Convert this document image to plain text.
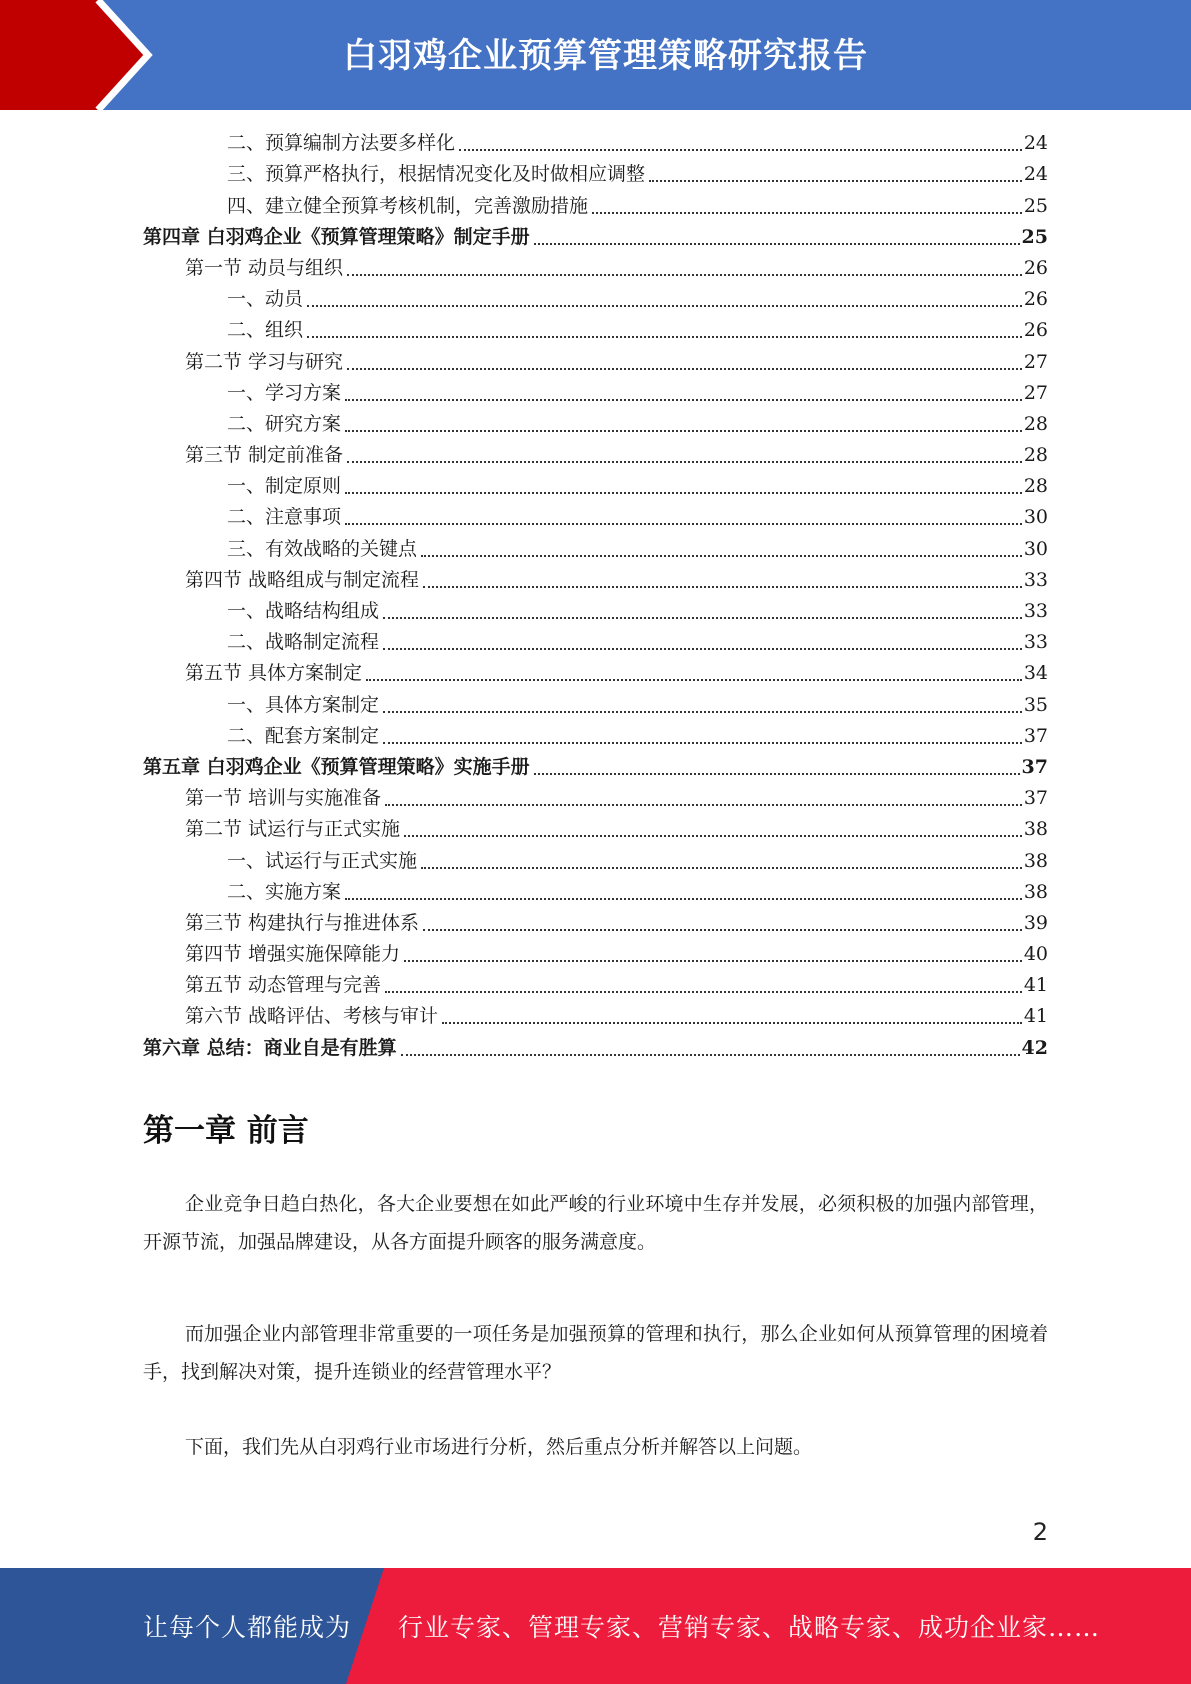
白羽鸡企业预算管理策略研究报告
二、预算编制方法要多样化	24
三、预算严格执行，根据情况变化及时做相应调整	24
四、建立健全预算考核机制，完善激励措施	25
第四章 白羽鸡企业《预算管理策略》制定手册	25
第一节 动员与组织	26
一、动员	26
二、组织	26
第二节 学习与研究	27
一、学习方案	27
二、研究方案	28
第三节 制定前准备	28
一、制定原则	28
二、注意事项	30
三、有效战略的关键点	30
第四节 战略组成与制定流程	33
一、战略结构组成	33
二、战略制定流程	33
第五节 具体方案制定	34
一、具体方案制定	35
二、配套方案制定	37
第五章 白羽鸡企业《预算管理策略》实施手册	37
第一节 培训与实施准备	37
第二节 试运行与正式实施	38
一、试运行与正式实施	38
二、实施方案	38
第三节 构建执行与推进体系	39
第四节 增强实施保障能力	40
第五节 动态管理与完善	41
第六节 战略评估、考核与审计	41
第六章 总结：商业自是有胜算	42
第一章 前言

企业竞争日趋白热化，各大企业要想在如此严峻的行业环境中生存并发展，必须积极的加强内部管理，开源节流，加强品牌建设，从各方面提升顾客的服务满意度。

而加强企业内部管理非常重要的一项任务是加强预算的管理和执行，那么企业如何从预算管理的困境着手，找到解决对策，提升连锁业的经营管理水平？

下面，我们先从白羽鸡行业市场进行分析，然后重点分析并解答以上问题。

2
让每个人都能成为 行业专家、管理专家、营销专家、战略专家、成功企业家……
